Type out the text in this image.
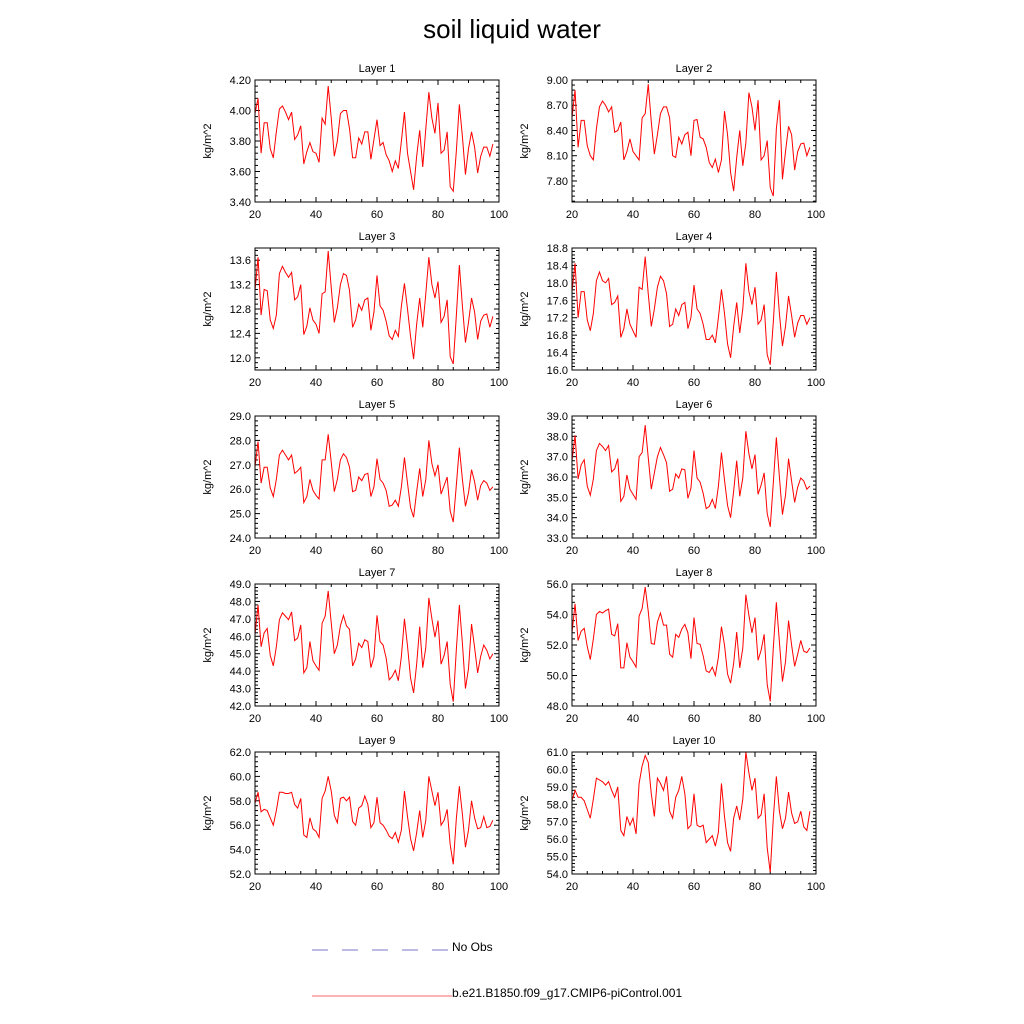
soil liquid water
Layer 1
kg/m^2
20	40	60	80	100
3.40
3.60
3.80
4.00
4.20
Layer 2
kg/m^2
20	40	60	80	100
7.80
8.10
8.40
8.70
9.00
Layer 3
kg/m^2
20	40	60	80	100
12.0
12.4
12.8
13.2
13.6
Layer 4
kg/m^2
20	40	60	80	100
16.0
16.4
16.8
17.2
17.6
18.0
18.4
18.8
Layer 5
kg/m^2
20	40	60	80	100
24.0
25.0
26.0
27.0
28.0
29.0
Layer 6
kg/m^2
20	40	60	80	100
33.0
34.0
35.0
36.0
37.0
38.0
39.0
Layer 7
kg/m^2
20	40	60	80	100
42.0
43.0
44.0
45.0
46.0
47.0
48.0
49.0
Layer 8
kg/m^2
20	40	60	80	100
48.0
50.0
52.0
54.0
56.0
Layer 9
kg/m^2
20	40	60	80	100
52.0
54.0
56.0
58.0
60.0
62.0
Layer 10
kg/m^2
20	40	60	80	100
54.0
55.0
56.0
57.0
58.0
59.0
60.0
61.0
No Obs
b.e21.B1850.f09_g17.CMIP6-piControl.001
